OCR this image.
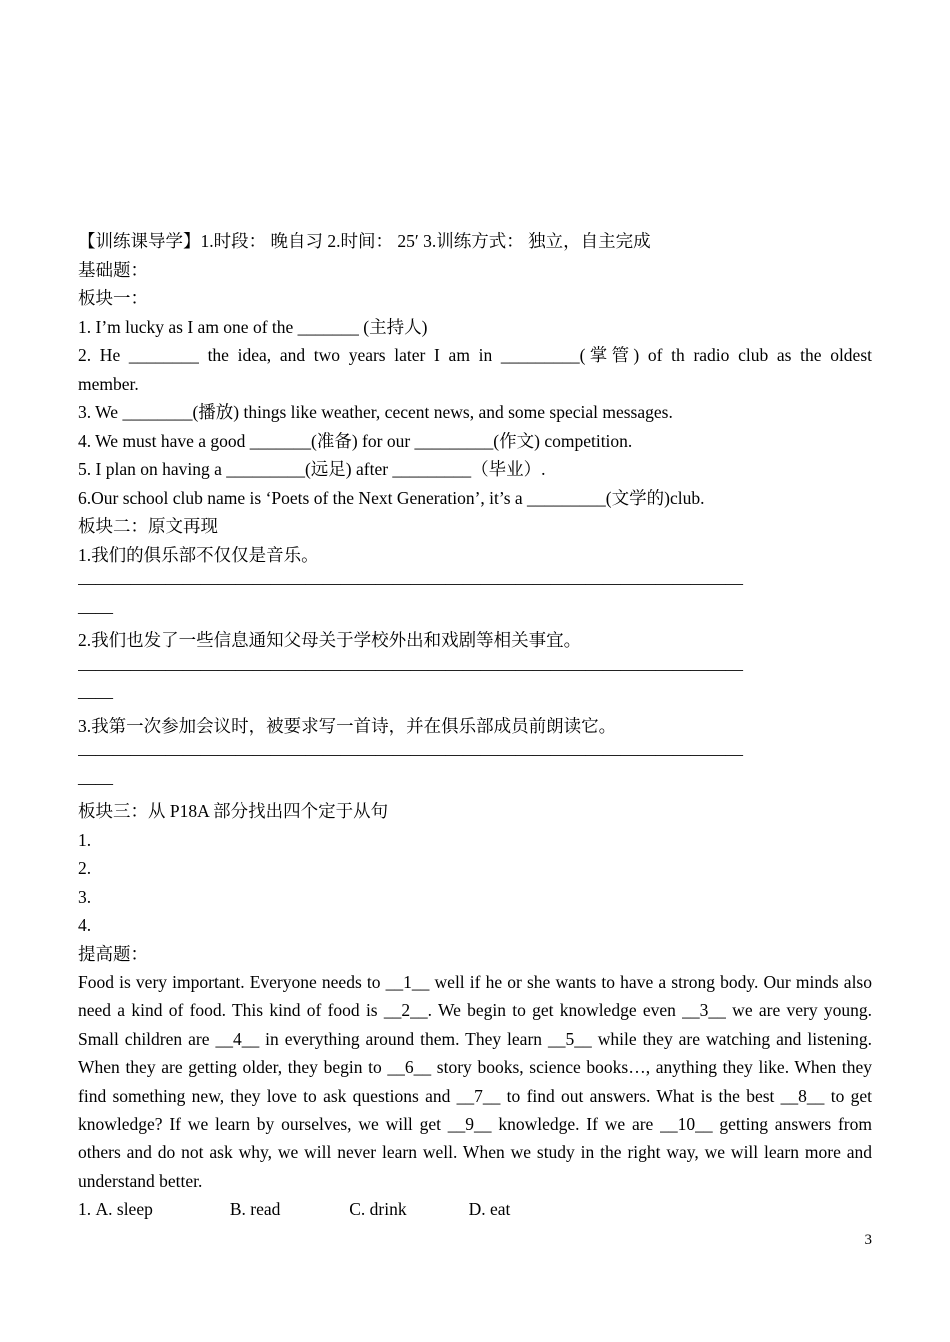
【训练课导学】1.时段： 晚自习 2.时间： 25′ 3.训练方式： 独立，自主完成
基础题：
板块一：
1. I’m lucky as I am one of the _______ (主持人)
2. He ________ the idea, and two years later I am in _________(掌管) of th radio club as the oldest
member.
3. We ________(播放) things like weather, cecent news, and some special messages.
4. We must have a good _______(准备) for our _________(作文) competition.
5. I plan on having a _________(远足) after _________（毕业）.
6.Our school club name is ‘Poets of the Next Generation’, it’s a _________(文学的)club.
板块二：原文再现
1.我们的俱乐部不仅仅是音乐。
——————————————————————————————————————
——
2.我们也发了一些信息通知父母关于学校外出和戏剧等相关事宜。
——————————————————————————————————————
——
3.我第一次参加会议时，被要求写一首诗，并在俱乐部成员前朗读它。
——————————————————————————————————————
——
板块三：从 P18A 部分找出四个定于从句
1.
2.
3.
4.
提高题：
Food is very important. Everyone needs to __1__ well if he or she wants to have a strong body. Our minds also need a kind of food. This kind of food is __2__. We begin to get knowledge even __3__ we are very young. Small children are __4__ in everything around them. They learn __5__ while they are watching and listening. When they are getting older, they begin to __6__ story books, science books…, anything they like. When they find something new, they love to ask questions and __7__ to find out answers. What is the best __8__ to get knowledge? If we learn by ourselves, we will get __9__ knowledge. If we are __10__ getting answers from others and do not ask why, we will never learn well. When we study in the right way, we will learn more and understand better.
1. A. sleep	B. read	C. drink	D. eat
3
